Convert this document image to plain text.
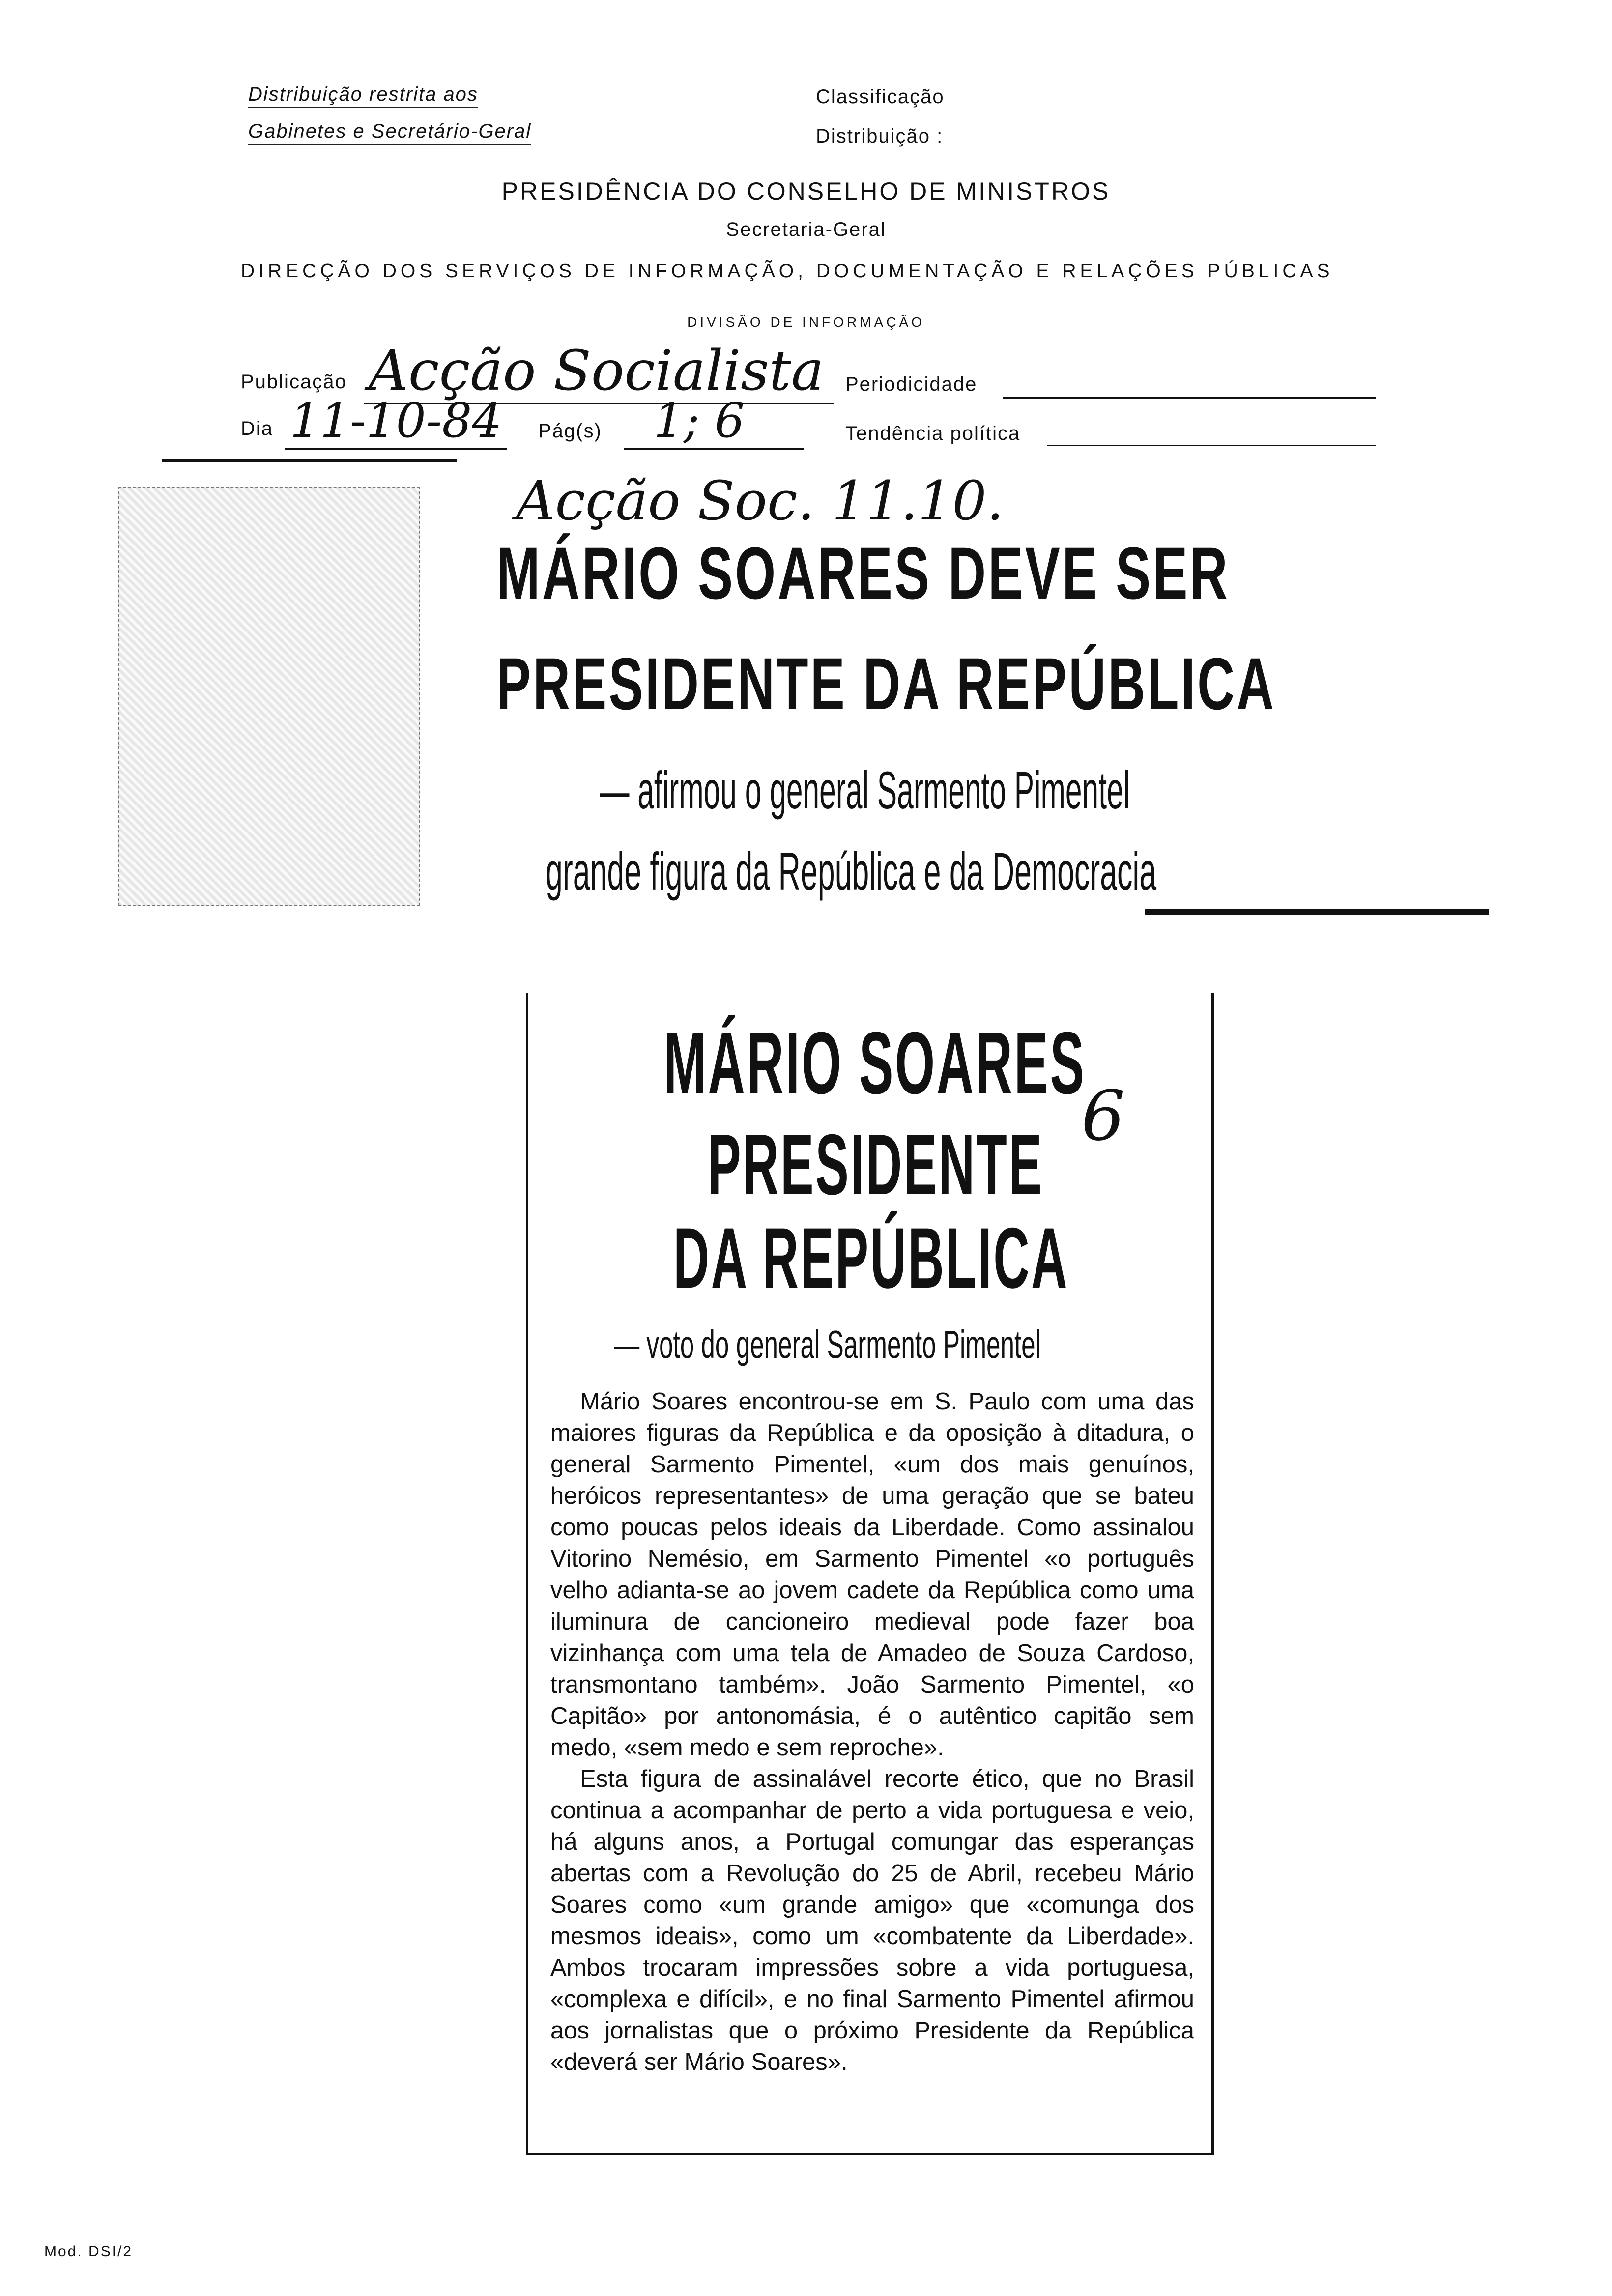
Distribuição restrita aos
Gabinetes e Secretário-Geral
Classificação
Distribuição :
PRESIDÊNCIA DO CONSELHO DE MINISTROS
Secretaria-Geral
DIRECÇÃO DOS SERVIÇOS DE INFORMAÇÃO, DOCUMENTAÇÃO E RELAÇÕES PÚBLICAS
DIVISÃO DE INFORMAÇÃO
Publicação Acção Socialista	Periodicidade
Dia 11-10-84 Pág(s)	1; 6	Tendência política
Acção Soc. 11.10.
MÁRIO SOARES DEVE SER
PRESIDENTE DA REPÚBLICA
— afirmou o general Sarmento Pimentel
grande figura da República e da Democracia
MÁRIO SOARES
6
PRESIDENTE
DA REPÚBLICA
— voto do general Sarmento Pimentel

Mário Soares encontrou-se em S. Paulo com uma das maiores figuras da República e da oposição à ditadura, o general Sarmento Pimentel, «um dos mais genuínos, heróicos representantes» de uma geração que se bateu como poucas pelos ideais da Liberdade. Como assinalou Vitorino Nemésio, em Sarmento Pimentel «o português velho adianta-se ao jovem cadete da República como uma iluminura de cancioneiro medieval pode fazer boa vizinhança com uma tela de Amadeo de Souza Cardoso, transmontano também». João Sarmento Pimentel, «o Capitão» por antonomásia, é o autêntico capitão sem medo, «sem medo e sem reproche».

Esta figura de assinalável recorte ético, que no Brasil continua a acompanhar de perto a vida portuguesa e veio, há alguns anos, a Portugal comungar das esperanças abertas com a Revolução do 25 de Abril, recebeu Mário Soares como «um grande amigo» que «comunga dos mesmos ideais», como um «combatente da Liberdade». Ambos trocaram impressões sobre a vida portuguesa, «complexa e difícil», e no final Sarmento Pimentel afirmou aos jornalistas que o próximo Presidente da República «deverá ser Mário Soares».

Mod. DSI/2
